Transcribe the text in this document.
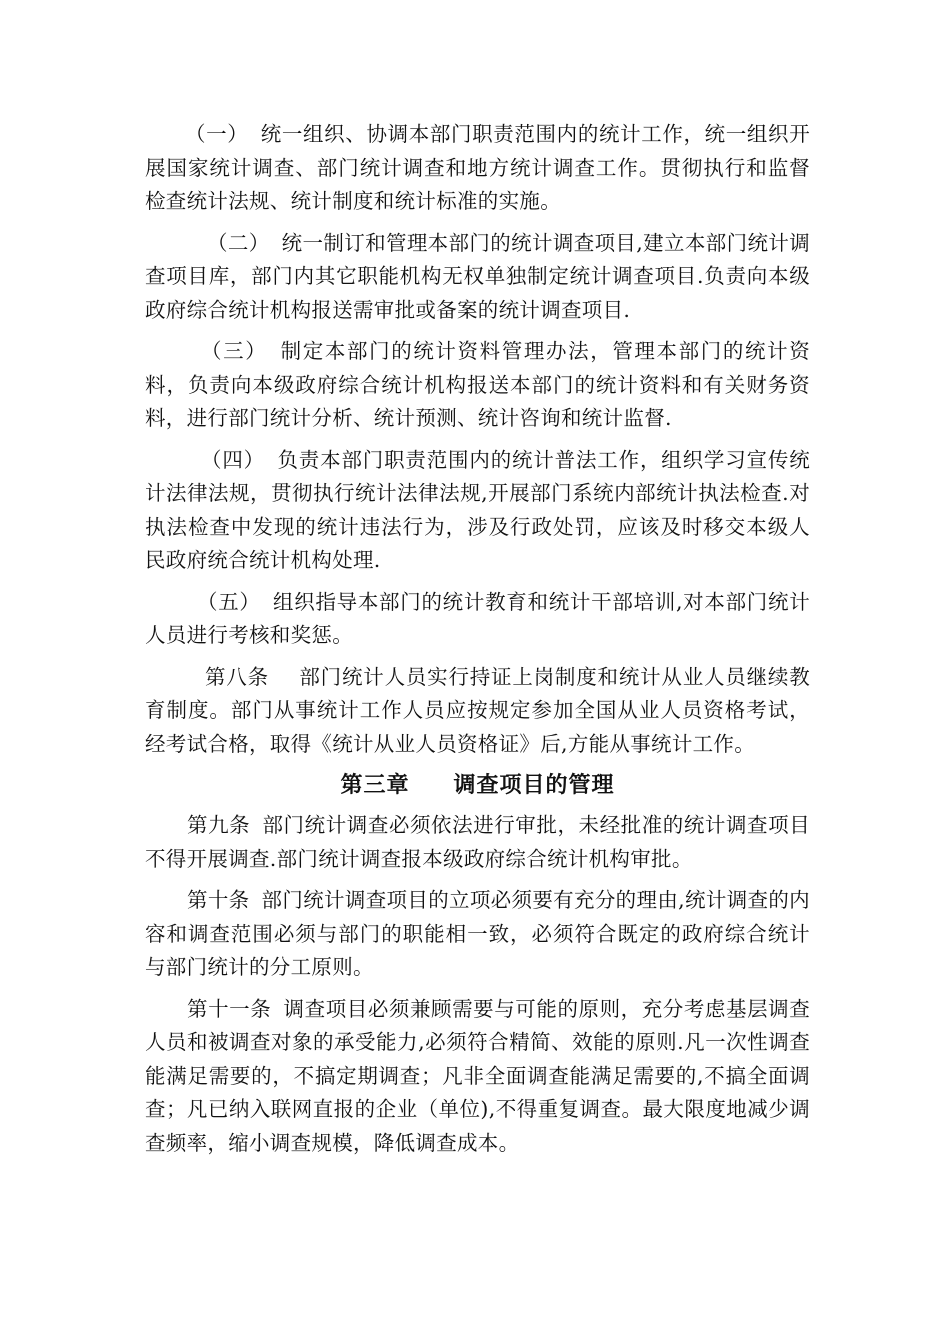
（一） 统一组织、协调本部门职责范围内的统计工作，统一组织开展国家统计调查、部门统计调查和地方统计调查工作。贯彻执行和监督检查统计法规、统计制度和统计标准的实施。

（二） 统一制订和管理本部门的统计调查项目,建立本部门统计调查项目库，部门内其它职能机构无权单独制定统计调查项目.负责向本级政府综合统计机构报送需审批或备案的统计调查项目.

（三） 制定本部门的统计资料管理办法，管理本部门的统计资料，负责向本级政府综合统计机构报送本部门的统计资料和有关财务资料，进行部门统计分析、统计预测、统计咨询和统计监督.

（四） 负责本部门职责范围内的统计普法工作，组织学习宣传统计法律法规，贯彻执行统计法律法规,开展部门系统内部统计执法检查.对执法检查中发现的统计违法行为，涉及行政处罚，应该及时移交本级人民政府统合统计机构处理.

（五） 组织指导本部门的统计教育和统计干部培训,对本部门统计人员进行考核和奖惩。

第八条 部门统计人员实行持证上岗制度和统计从业人员继续教育制度。部门从事统计工作人员应按规定参加全国从业人员资格考试，经考试合格，取得《统计从业人员资格证》后,方能从事统计工作。

第三章 调查项目的管理

第九条 部门统计调查必须依法进行审批，未经批准的统计调查项目不得开展调查.部门统计调查报本级政府综合统计机构审批。

第十条 部门统计调查项目的立项必须要有充分的理由,统计调查的内容和调查范围必须与部门的职能相一致，必须符合既定的政府综合统计与部门统计的分工原则。

第十一条 调查项目必须兼顾需要与可能的原则，充分考虑基层调查人员和被调查对象的承受能力,必须符合精简、效能的原则.凡一次性调查能满足需要的，不搞定期调查；凡非全面调查能满足需要的,不搞全面调查；凡已纳入联网直报的企业（单位),不得重复调查。最大限度地减少调查频率，缩小调查规模，降低调查成本。
